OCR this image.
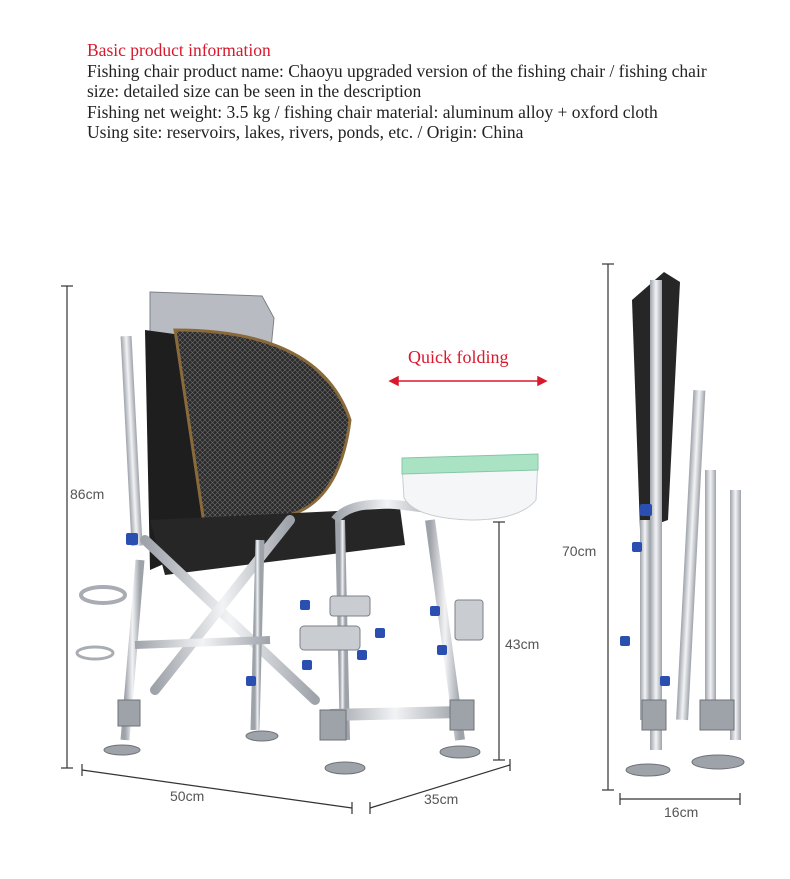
Basic product information

Fishing chair product name: Chaoyu upgraded version of the fishing chair / fishing chair size: detailed size can be seen in the description

Fishing net weight: 3.5 kg / fishing chair material: aluminum alloy + oxford cloth

Using site: reservoirs, lakes, rivers, ponds, etc. / Origin: China

Quick folding
86cm
70cm
50cm	35cm
43cm
16cm
